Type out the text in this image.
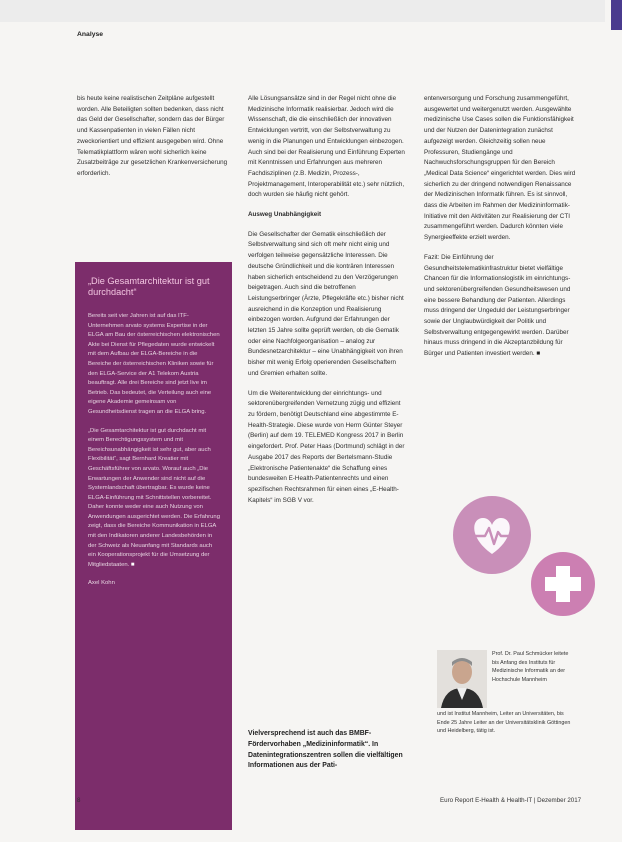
Analyse

bis heute keine realistischen Zeitpläne aufgestellt worden. Alle Beteiligten sollten bedenken, dass nicht das Geld der Gesellschafter, sondern das der Bürger und Kassenpatienten in vielen Fällen nicht zweckorientiert und effizient ausgegeben wird. Ohne Telematikplattform wären wohl sicherlich keine Zusatzbeiträge zur gesetzlichen Krankenversicherung erforderlich.

„Die Gesamtarchitektur ist gut durchdacht“

Bereits seit vier Jahren ist auf das ITF-Unternehmen arvato systems Expertise in der ELGA am Bau der österreichischen elektronischen Akte bei Dienst für Pflegedaten wurde entwickelt mit dem Aufbau der ELGA-Bereiche in die Bereiche der österreichischen Kliniken sowie für den ELGA-Service der A1 Telekom Austria beauftragt. Alle drei Bereiche sind jetzt live im Betrieb. Das bedeutet, die Verteilung auch eine eigene Akademie gemeinsam von Gesundheitsdienst tragen an die ELGA bring.

„Die Gesamtarchitektur ist gut durchdacht mit einem Berechtigungssystem und mit Bereichsunabhängigkeit ist sehr gut, aber auch Flexibilität“, sagt Bernhard Kreatier mit Geschäftsführer von arvato. Worauf auch „Die Erwartungen der Anwender sind nicht auf die Systemlandschaft übertragbar. Es wurde keine ELGA-Einführung mit Schnittstellen vorbereitet. Daher konnte weder eine auch Nutzung von Anwendungen ausgerichtet werden. Die Erfahrung zeigt, dass die Bereiche Kommunikation in ELGA mit den Indikatoren anderer Landesbehörden in der Schweiz als Neuanfang mit Standards auch ein Kooperationsprojekt für die Umsetzung der Mitgliedstaaten. ■

Axel Kohn

Alle Lösungsansätze sind in der Regel nicht ohne die Medizinische Informatik realisierbar. Jedoch wird die Wissenschaft, die die einschließlich der innovativen Entwicklungen vertritt, von der Selbstverwaltung zu wenig in die Planungen und Entwicklungen einbezogen. Auch sind bei der Realisierung und Einführung Experten mit Kenntnissen und Erfahrungen aus mehreren Fachdisziplinen (z.B. Medizin, Prozess-, Projektmanagement, Interoperabilität etc.) sehr nützlich, doch wurden sie häufig nicht gehört.

Ausweg Unabhängigkeit

Die Gesellschafter der Gematik einschließlich der Selbstverwaltung sind sich oft mehr nicht einig und verfolgen teilweise gegensätzliche Interessen. Die deutsche Gründlichkeit und die konträren Interessen haben sicherlich entscheidend zu den Verzögerungen beigetragen. Auch sind die betroffenen Leistungserbringer (Ärzte, Pflegekräfte etc.) bisher nicht ausreichend in die Konzeption und Realisierung einbezogen worden. Aufgrund der Erfahrungen der letzten 15 Jahre sollte geprüft werden, ob die Gematik oder eine Nachfolgeorganisation – analog zur Bundesnetzarchitektur – eine Unabhängigkeit von ihren bisher mit wenig Erfolg operierenden Gesellschaftern und Gremien erhalten sollte.

Um die Weiterentwicklung der einrichtungs- und sektorenübergreifenden Vernetzung zügig und effizient zu fördern, benötigt Deutschland eine abgestimmte E-Health-Strategie. Diese wurde von Herrn Günter Steyer (Berlin) auf dem 19. TELEMED Kongress 2017 in Berlin eingefordert. Prof. Peter Haas (Dortmund) schlägt in der Ausgabe 2017 des Reports der Bertelsmann-Studie „Elektronische Patientenakte“ die Schaffung eines bundesweiten E-Health-Patientenrechts und einen spezifischen Rechtsrahmen für einen eines „E-Health-Kapitels“ im SGB V vor.

Vielversprechend ist auch das BMBF-Fördervorhaben „Medizininformatik“. In Datenintegrationszentren sollen die vielfältigen Informationen aus der Pati-

entenversorgung und Forschung zusammengeführt, ausgewertet und weitergenutzt werden. Ausgewählte medizinische Use Cases sollen die Funktionsfähigkeit und der Nutzen der Datenintegration zunächst aufgezeigt werden. Gleichzeitig sollen neue Professuren, Studiengänge und Nachwuchsforschungsgruppen für den Bereich „Medical Data Science“ eingerichtet werden. Dies wird sicherlich zu der dringend notwendigen Renaissance der Medizinischen Informatik führen. Es ist sinnvoll, dass die Arbeiten im Rahmen der Medizininformatik-Initiative mit den Aktivitäten zur Realisierung der CTI zusammengeführt werden. Dadurch könnten viele Synergieeffekte erzielt werden.

Fazit: Die Einführung der Gesundheitstelematikinfrastruktur bietet vielfältige Chancen für die Informationslogistik im einrichtungs- und sektorenübergreifenden Gesundheitswesen und eine bessere Behandlung der Patienten. Allerdings muss dringend der Ungeduld der Leistungserbringer sowie der Unglaubwürdigkeit der Politik und Selbstverwaltung entgegengewirkt werden. Darüber hinaus muss dringend in die Akzeptanzbildung für Bürger und Patienten investiert werden. ■

Prof. Dr. Paul Schmücker leitete bis Anfang des Instituts für Medizinische Informatik an der Hochschule Mannheim
und ist Institut Mannheim, Leiter an Universitäten, bis Ende 25 Jahre Leiter an der Universitätsklinik Göttingen und Heidelberg, tätig ist.
8	Euro Report E-Health & Health-IT | Dezember 2017
